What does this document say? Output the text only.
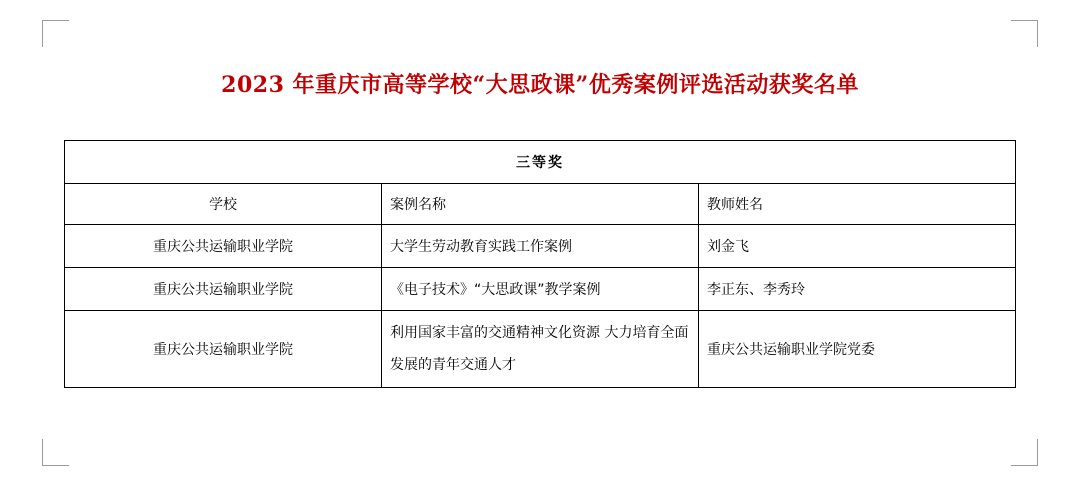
2023 年重庆市高等学校“大思政课”优秀案例评选活动获奖名单
三等奖		
学校	案例名称	教师姓名
重庆公共运输职业学院	大学生劳动教育实践工作案例	刘金飞
重庆公共运输职业学院	《电子技术》“大思政课”教学案例	李正东、李秀玲
重庆公共运输职业学院	利用国家丰富的交通精神文化资源 大力培育全面发展的青年交通人才	重庆公共运输职业学院党委
